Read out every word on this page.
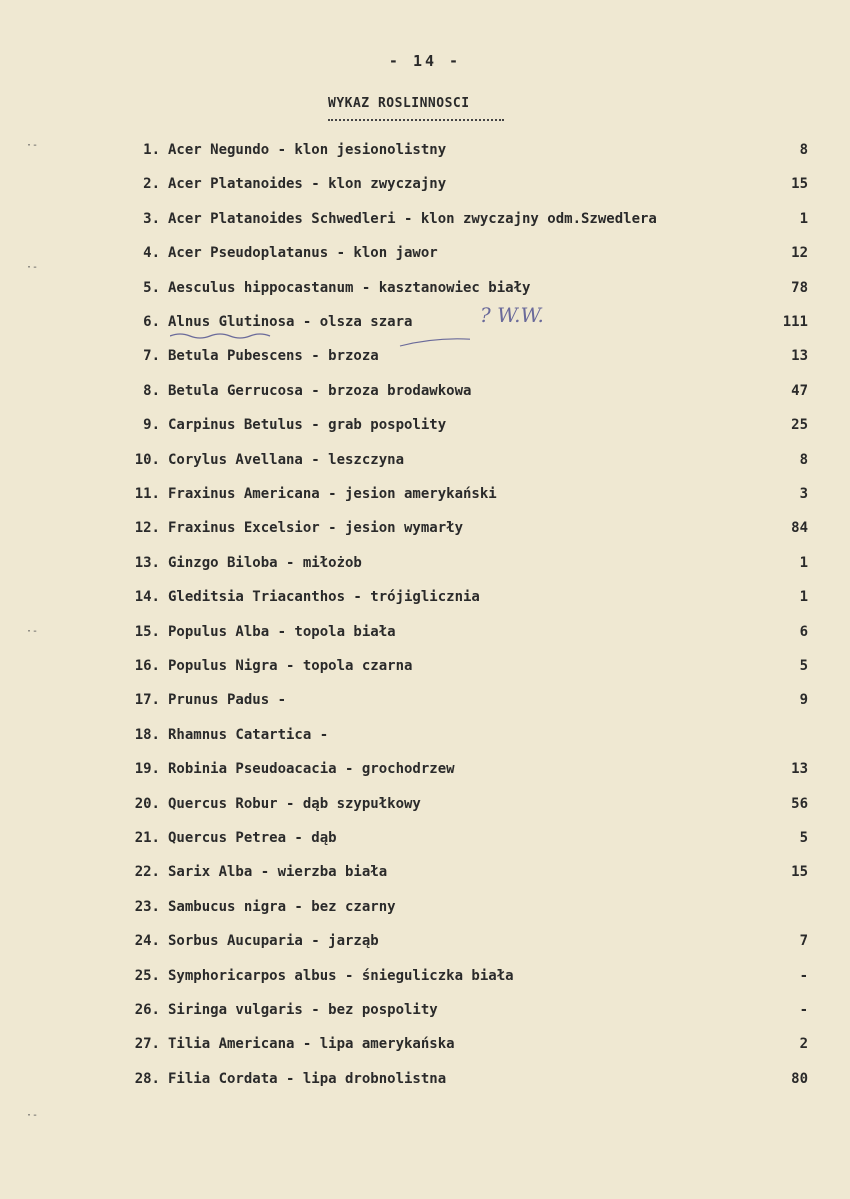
- 14 -
WYKAZ ROSLINNOSCI
1. Acer Negundo - klon jesionolistny	8
2. Acer Platanoides - klon zwyczajny	15
3. Acer Platanoides Schwedleri - klon zwyczajny odm.Szwedlera	1
4. Acer Pseudoplatanus - klon jawor	12
5. Aesculus hippocastanum - kasztanowiec biały	78
6. Alnus Glutinosa - olsza szara	111
7. Betula Pubescens - brzoza	13
8. Betula Gerrucosa - brzoza brodawkowa	47
9. Carpinus Betulus - grab pospolity	25
10. Corylus Avellana - leszczyna	8
11. Fraxinus Americana - jesion amerykański	3
12. Fraxinus Excelsior - jesion wymarły	84
13. Ginzgo Biloba - miłożob	1
14. Gleditsia Triacanthos - trójiglicznia	1
15. Populus Alba - topola biała	6
16. Populus Nigra - topola czarna	5
17. Prunus Padus -	9
18. Rhamnus Catartica -
19. Robinia Pseudoacacia - grochodrzew	13
20. Quercus Robur - dąb szypułkowy	56
21. Quercus Petrea - dąb	5
22. Sarix Alba - wierzba biała	15
23. Sambucus nigra - bez czarny
24. Sorbus Aucuparia - jarząb	7
25. Symphoricarpos albus - śnieguliczka biała	-
26. Siringa vulgaris - bez pospolity	-
27. Tilia Americana - lipa amerykańska	2
28. Filia Cordata - lipa drobnolistna	80
? W.W.
·-
·-
·-
·-
